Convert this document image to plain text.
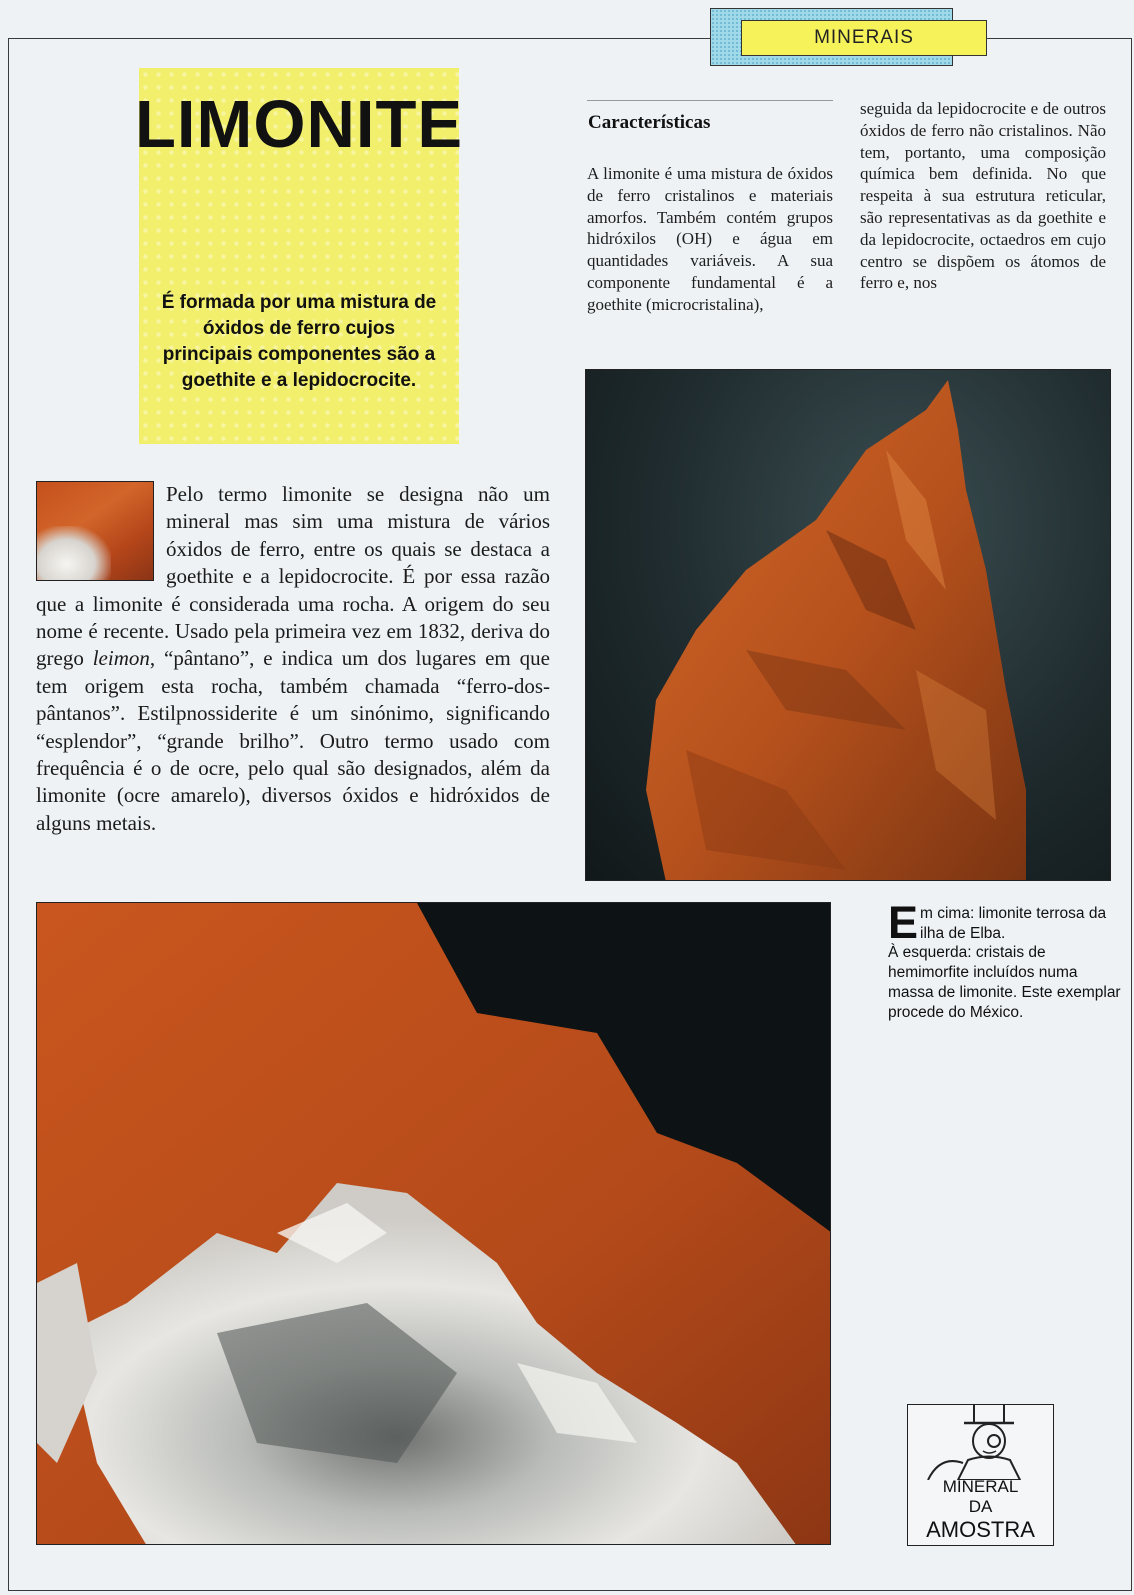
MINERAIS
LIMONITE
É formada por uma mistura de óxidos de ferro cujos principais componentes são a goethite e a lepidocrocite.
Características
A limonite é uma mistura de óxidos de ferro cristalinos e materiais amorfos. Também contém grupos hidróxilos (OH) e água em quantidades variáveis. A sua componente fundamental é a goethite (microcristalina),
seguida da lepidocrocite e de outros óxidos de ferro não cristalinos. Não tem, portanto, uma composição química bem definida. No que respeita à sua estrutura reticular, são representativas as da goethite e da lepidocrocite, octaedros em cujo centro se dispõem os átomos de ferro e, nos
Pelo termo limonite se designa não um mineral mas sim uma mistura de vários óxidos de ferro, entre os quais se destaca a goethite e a lepidocrocite. É por essa razão que a limonite é considerada uma rocha. A origem do seu nome é recente. Usado pela primeira vez em 1832, deriva do grego leimon, “pântano”, e indica um dos lugares em que tem origem esta rocha, também chamada “ferro-dos-pântanos”. Estilpnossiderite é um sinónimo, significando “esplendor”, “grande brilho”. Outro termo usado com frequência é o de ocre, pelo qual são designados, além da limonite (ocre amarelo), diversos óxidos e hidróxidos de alguns metais.
Em cima: limonite terrosa da ilha de Elba.
À esquerda: cristais de hemimorfite incluídos numa massa de limonite. Este exemplar procede do México.
MINERAL
DA
AMOSTRA
